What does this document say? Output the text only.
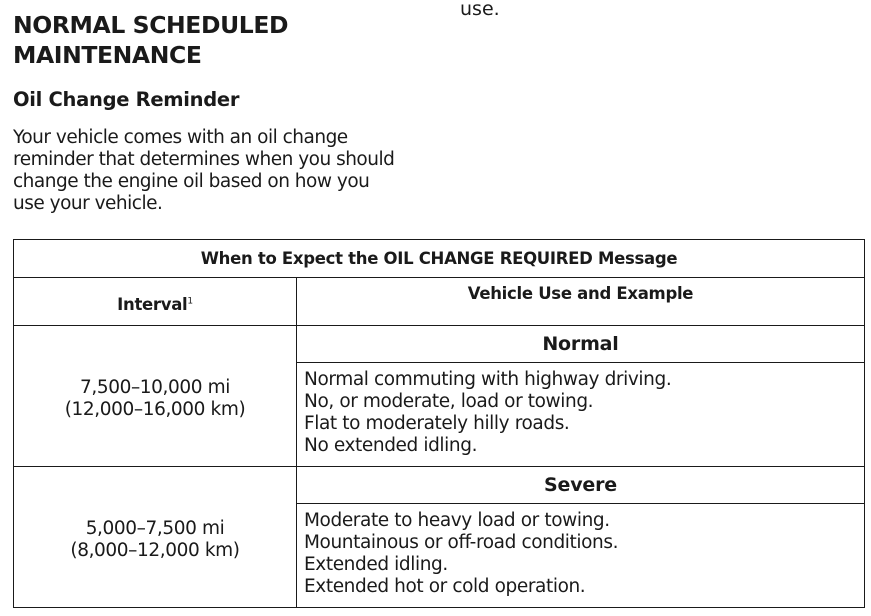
use.
NORMAL SCHEDULED
MAINTENANCE
Oil Change Reminder

Your vehicle comes with an oil change
reminder that determines when you should
change the engine oil based on how you
use your vehicle.

When to Expect the OIL CHANGE REQUIRED Message	
Interval$^1$	Vehicle Use and Example
7,500–10,000 mi
(12,000–16,000 km)	Normal

	Normal commuting with highway driving.
No, or moderate, load or towing.
Flat to moderately hilly roads.
No extended idling.

5,000–7,500 mi
(8,000–12,000 km)	Severe

	Moderate to heavy load or towing.
Mountainous or off-road conditions.
Extended idling.
Extended hot or cold operation.
